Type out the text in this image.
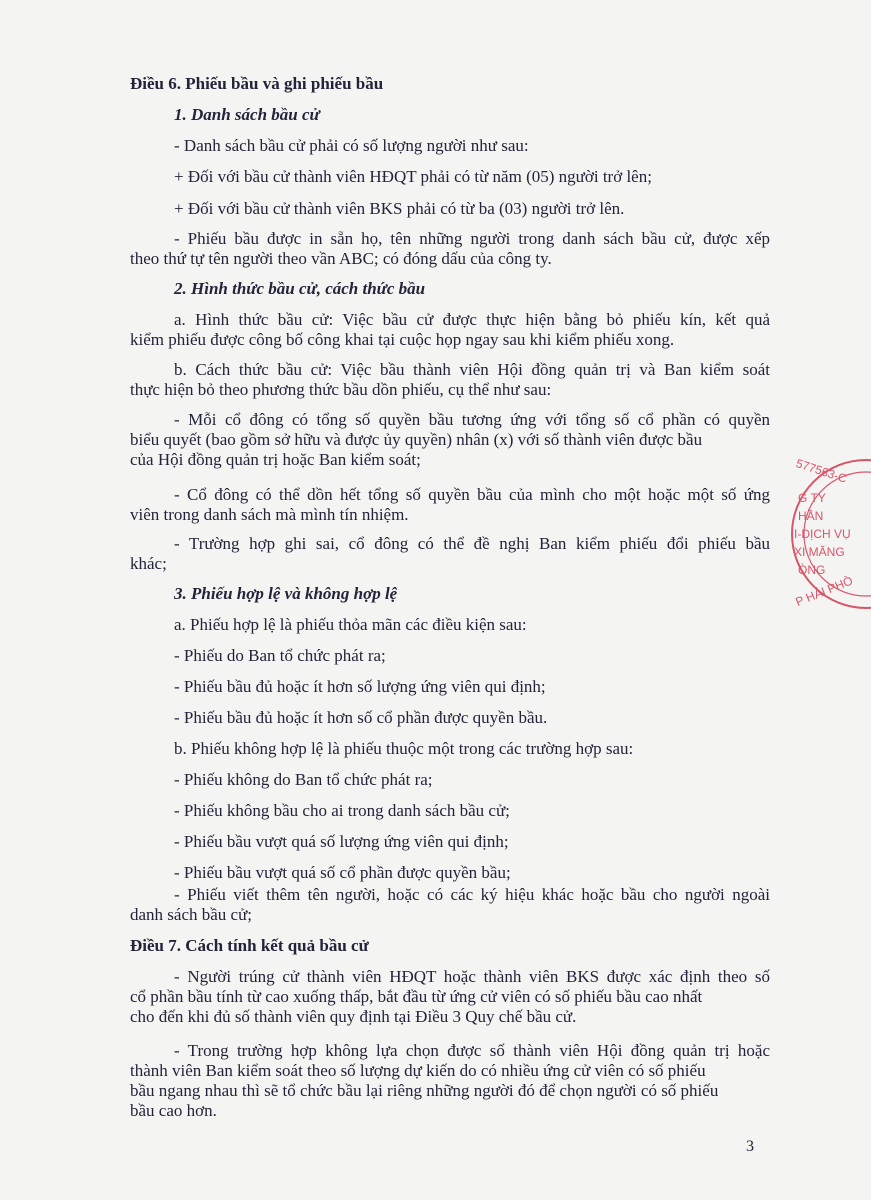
Điều 6. Phiếu bầu và ghi phiếu bầu
1. Danh sách bầu cử
- Danh sách bầu cử phải có số lượng người như sau:
+ Đối với bầu cử thành viên HĐQT phải có từ năm (05) người trở lên;
+ Đối với bầu cử thành viên BKS phải có từ ba (03) người trở lên.
- Phiếu bầu được in sẵn họ, tên những người trong danh sách bầu cử, được xếp
theo thứ tự tên người theo vần ABC; có đóng dấu của công ty.
2. Hình thức bầu cử, cách thức bầu
a. Hình thức bầu cử: Việc bầu cử được thực hiện bằng bỏ phiếu kín, kết quả
kiểm phiếu được công bố công khai tại cuộc họp ngay sau khi kiểm phiếu xong.
b. Cách thức bầu cử: Việc bầu thành viên Hội đồng quản trị và Ban kiểm soát
thực hiện bỏ theo phương thức bầu dồn phiếu, cụ thể như sau:
- Mỗi cổ đông có tổng số quyền bầu tương ứng với tổng số cổ phần có quyền
biểu quyết (bao gồm sở hữu và được ủy quyền) nhân (x) với số thành viên được bầu
của Hội đồng quản trị hoặc Ban kiểm soát;
- Cổ đông có thể dồn hết tổng số quyền bầu của mình cho một hoặc một số ứng
viên trong danh sách mà mình tín nhiệm.
- Trường hợp ghi sai, cổ đông có thể đề nghị Ban kiểm phiếu đổi phiếu bầu
khác;
3. Phiếu hợp lệ và không hợp lệ
a. Phiếu hợp lệ là phiếu thỏa mãn các điều kiện sau:
- Phiếu do Ban tổ chức phát ra;
- Phiếu bầu đủ hoặc ít hơn số lượng ứng viên qui định;
- Phiếu bầu đủ hoặc ít hơn số cổ phần được quyền bầu.
b. Phiếu không hợp lệ là phiếu thuộc một trong các trường hợp sau:
- Phiếu không do Ban tổ chức phát ra;
- Phiếu không bầu cho ai trong danh sách bầu cử;
- Phiếu bầu vượt quá số lượng ứng viên qui định;
- Phiếu bầu vượt quá số cổ phần được quyền bầu;
- Phiếu viết thêm tên người, hoặc có các ký hiệu khác hoặc bầu cho người ngoài
danh sách bầu cử;
Điều 7. Cách tính kết quả bầu cử
- Người trúng cử thành viên HĐQT hoặc thành viên BKS được xác định theo số
cổ phần bầu tính từ cao xuống thấp, bắt đầu từ ứng cử viên có số phiếu bầu cao nhất
cho đến khi đủ số thành viên quy định tại Điều 3 Quy chế bầu cử.
- Trong trường hợp không lựa chọn được số thành viên Hội đồng quản trị hoặc
thành viên Ban kiểm soát theo số lượng dự kiến do có nhiều ứng cử viên có số phiếu
bầu ngang nhau thì sẽ tổ chức bầu lại riêng những người đó để chọn người có số phiếu
bầu cao hơn.
3
577563-C
G TY
HẦN
I-DỊCH VỤ
XI MĂNG
ÒNG
P HẢI PHÒ
